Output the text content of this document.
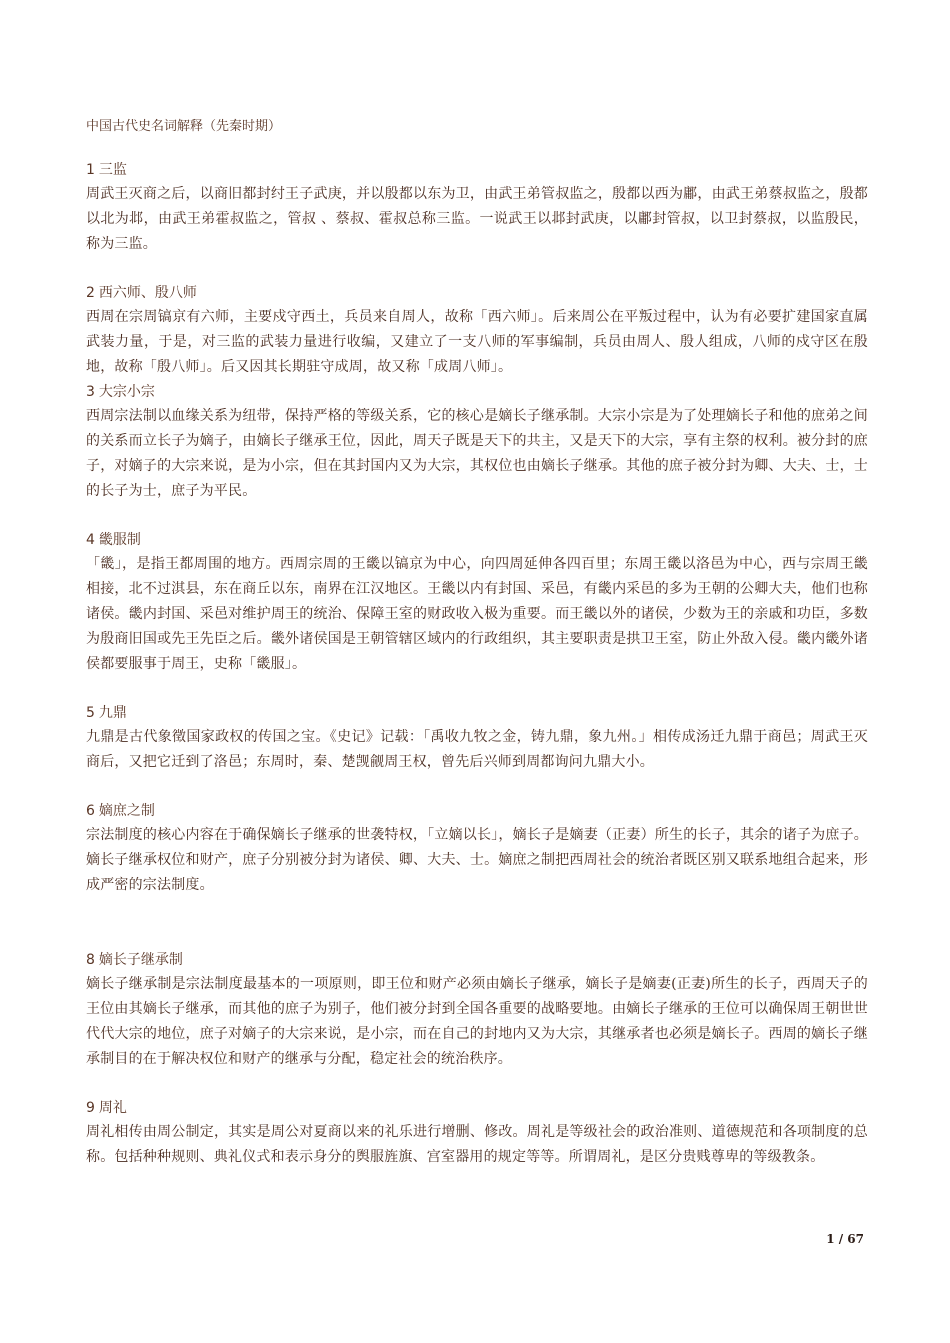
中国古代史名词解释（先秦时期）
1 三监
周武王灭商之后，以商旧都封纣王子武庚，并以殷都以东为卫，由武王弟管叔监之，殷都以西为鄘，由武王弟蔡叔监之，殷都以北为邶，由武王弟霍叔监之，管叔 、蔡叔、霍叔总称三监。一说武王以邶封武庚，以鄘封管叔，以卫封蔡叔，以监殷民，称为三监。
2 西六师、殷八师
西周在宗周镐京有六师，主要戍守西土，兵员来自周人，故称「西六师」。后来周公在平叛过程中，认为有必要扩建国家直属武装力量，于是，对三监的武装力量进行收编，又建立了一支八师的军事编制，兵员由周人、殷人组成，八师的戍守区在殷地，故称「殷八师」。后又因其长期驻守成周，故又称「成周八师」。
3 大宗小宗
西周宗法制以血缘关系为纽带，保持严格的等级关系，它的核心是嫡长子继承制。大宗小宗是为了处理嫡长子和他的庶弟之间的关系而立长子为嫡子，由嫡长子继承王位，因此，周天子既是天下的共主，又是天下的大宗，享有主祭的权利。被分封的庶子，对嫡子的大宗来说，是为小宗，但在其封国内又为大宗，其权位也由嫡长子继承。其他的庶子被分封为卿、大夫、士，士的长子为士，庶子为平民。
4 畿服制
「畿」，是指王都周围的地方。西周宗周的王畿以镐京为中心，向四周延伸各四百里；东周王畿以洛邑为中心，西与宗周王畿相接，北不过淇县，东在商丘以东，南界在江汉地区。王畿以内有封国、采邑，有畿内采邑的多为王朝的公卿大夫，他们也称诸侯。畿内封国、采邑对维护周王的统治、保障王室的财政收入极为重要。而王畿以外的诸侯，少数为王的亲戚和功臣，多数为殷商旧国或先王先臣之后。畿外诸侯国是王朝管辖区域内的行政组织，其主要职责是拱卫王室，防止外敌入侵。畿内畿外诸侯都要服事于周王，史称「畿服」。
5 九鼎
九鼎是古代象徵国家政权的传国之宝。《史记》记载：「禹收九牧之金，铸九鼎，象九州。」相传成汤迁九鼎于商邑；周武王灭商后，又把它迁到了洛邑；东周时，秦、楚觊觎周王权，曾先后兴师到周都询问九鼎大小。
6 嫡庶之制
宗法制度的核心内容在于确保嫡长子继承的世袭特权，「立嫡以长」，嫡长子是嫡妻（正妻）所生的长子，其余的诸子为庶子。嫡长子继承权位和财产，庶子分别被分封为诸侯、卿、大夫、士。嫡庶之制把西周社会的统治者既区别又联系地组合起来，形成严密的宗法制度。
8 嫡长子继承制
嫡长子继承制是宗法制度最基本的一项原则，即王位和财产必须由嫡长子继承，嫡长子是嫡妻(正妻)所生的长子，西周天子的王位由其嫡长子继承，而其他的庶子为别子，他们被分封到全国各重要的战略要地。由嫡长子继承的王位可以确保周王朝世世代代大宗的地位，庶子对嫡子的大宗来说，是小宗，而在自己的封地内又为大宗，其继承者也必须是嫡长子。西周的嫡长子继承制目的在于解决权位和财产的继承与分配，稳定社会的统治秩序。
9 周礼
周礼相传由周公制定，其实是周公对夏商以来的礼乐进行增删、修改。周礼是等级社会的政治准则、道德规范和各项制度的总称。包括种种规则、典礼仪式和表示身分的舆服旌旗、宫室器用的规定等等。所谓周礼，是区分贵贱尊卑的等级教条。
1 / 67
